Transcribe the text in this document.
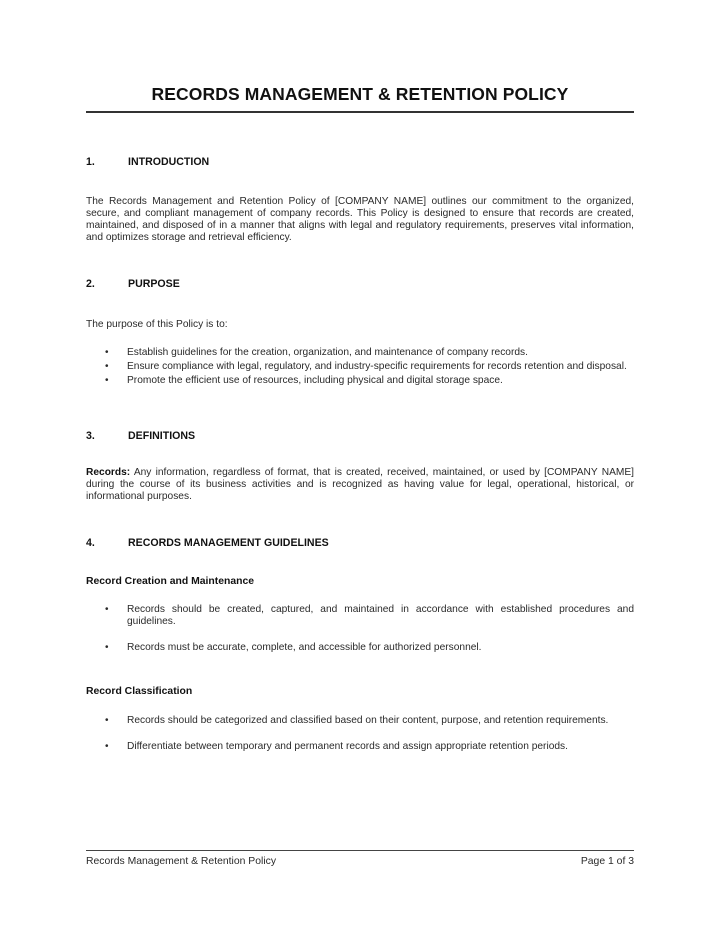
RECORDS MANAGEMENT & RETENTION POLICY
1.	INTRODUCTION
The Records Management and Retention Policy of [COMPANY NAME] outlines our commitment to the organized, secure, and compliant management of company records. This Policy is designed to ensure that records are created, maintained, and disposed of in a manner that aligns with legal and regulatory requirements, preserves vital information, and optimizes storage and retrieval efficiency.
2.	PURPOSE
The purpose of this Policy is to:
• Establish guidelines for the creation, organization, and maintenance of company records.
• Ensure compliance with legal, regulatory, and industry-specific requirements for records retention and disposal.
• Promote the efficient use of resources, including physical and digital storage space.
3.	DEFINITIONS
Records: Any information, regardless of format, that is created, received, maintained, or used by [COMPANY NAME] during the course of its business activities and is recognized as having value for legal, operational, historical, or informational purposes.
4.	RECORDS MANAGEMENT GUIDELINES
Record Creation and Maintenance
• Records should be created, captured, and maintained in accordance with established procedures and guidelines.
• Records must be accurate, complete, and accessible for authorized personnel.
Record Classification
• Records should be categorized and classified based on their content, purpose, and retention requirements.
• Differentiate between temporary and permanent records and assign appropriate retention periods.
Records Management & Retention Policy	Page 1 of 3
